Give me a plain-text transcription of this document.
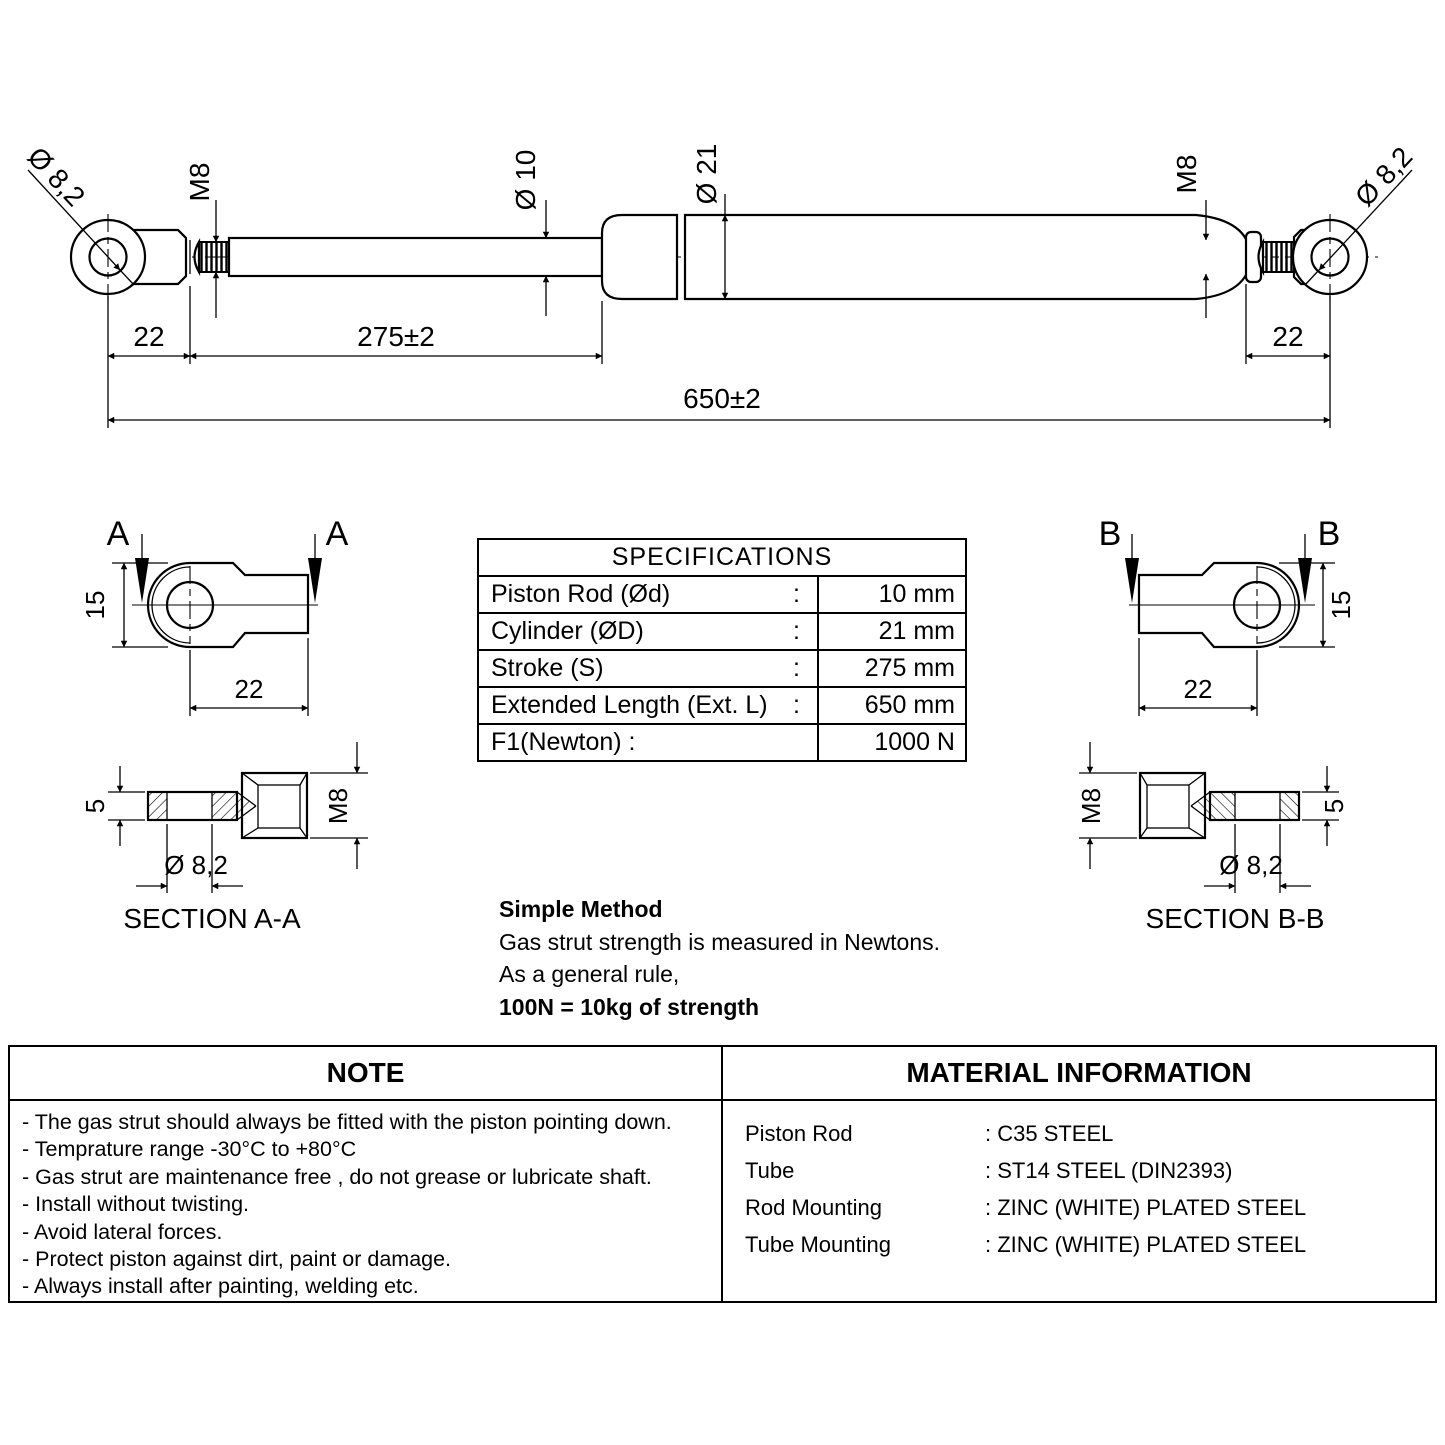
Ø 8,2	M8	Ø 10	Ø 21	M8	Ø 8,2
22	275±2	22
650±2
A	A
15
22
5	M8
Ø 8,2
SECTION A-A
B	B
15
22
M8	5
Ø 8,2
SECTION B-B
SPECIFICATIONS
Piston Rod (Ød)	:	10 mm
Cylinder (ØD)	:	21 mm
Stroke (S)	:	275 mm
Extended Length (Ext. L)	:	650 mm
F1(Newton) :	1000 N
Simple Method
Gas strut strength is measured in Newtons.
As a general rule,
100N = 10kg of strength
NOTE
- The gas strut should always be fitted with the piston pointing down.
- Temprature range -30°C to +80°C
- Gas strut are maintenance free , do not grease or lubricate shaft.
- Install without twisting.
- Avoid lateral forces.
- Protect piston against dirt, paint or damage.
- Always install after painting, welding etc.
MATERIAL INFORMATION
Piston Rod	: C35 STEEL
Tube	: ST14 STEEL (DIN2393)
Rod Mounting	: ZINC (WHITE) PLATED STEEL
Tube Mounting	: ZINC (WHITE) PLATED STEEL
